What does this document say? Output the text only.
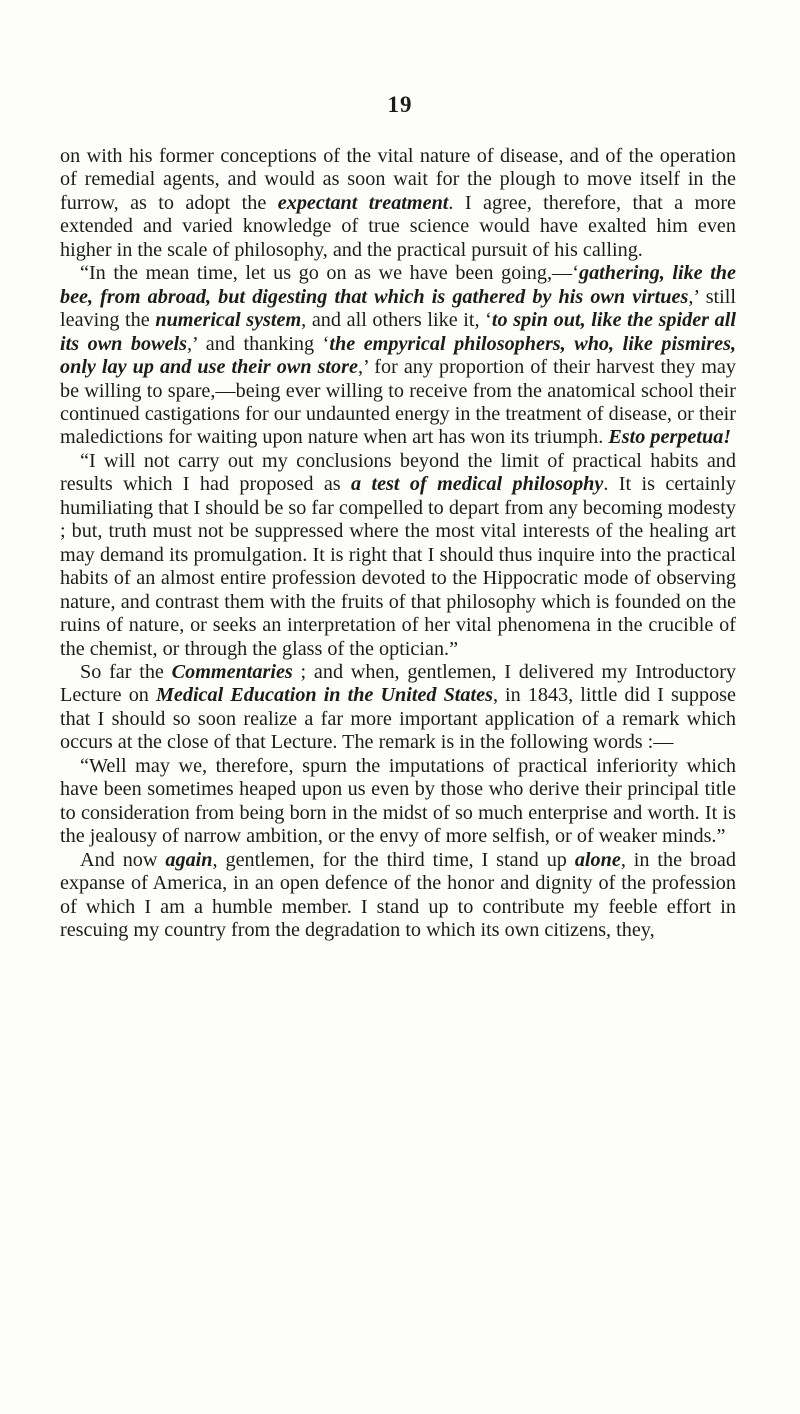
19

on with his former conceptions of the vital nature of disease, and of the operation of remedial agents, and would as soon wait for the plough to move itself in the furrow, as to adopt the expectant treatment. I agree, therefore, that a more extended and varied knowledge of true science would have exalted him even higher in the scale of philosophy, and the practical pursuit of his calling.

“In the mean time, let us go on as we have been going,—‘gathering, like the bee, from abroad, but digesting that which is gathered by his own virtues,’ still leaving the numerical system, and all others like it, ‘to spin out, like the spider all its own bowels,’ and thanking ‘the empyrical philosophers, who, like pismires, only lay up and use their own store,’ for any proportion of their harvest they may be willing to spare,—being ever willing to receive from the anatomical school their continued castigations for our undaunted energy in the treatment of disease, or their maledictions for waiting upon nature when art has won its triumph. Esto perpetua!

“I will not carry out my conclusions beyond the limit of practical habits and results which I had proposed as a test of medical philosophy. It is certainly humiliating that I should be so far compelled to depart from any becoming modesty ; but, truth must not be suppressed where the most vital interests of the healing art may demand its promulgation. It is right that I should thus inquire into the practical habits of an almost entire profession devoted to the Hippocratic mode of observing nature, and contrast them with the fruits of that philosophy which is founded on the ruins of nature, or seeks an interpretation of her vital phenomena in the crucible of the chemist, or through the glass of the optician.”

So far the Commentaries ; and when, gentlemen, I delivered my Introductory Lecture on Medical Education in the United States, in 1843, little did I suppose that I should so soon realize a far more important application of a remark which occurs at the close of that Lecture. The remark is in the following words :—

“Well may we, therefore, spurn the imputations of practical inferiority which have been sometimes heaped upon us even by those who derive their principal title to consideration from being born in the midst of so much enterprise and worth. It is the jealousy of narrow ambition, or the envy of more selfish, or of weaker minds.”

And now again, gentlemen, for the third time, I stand up alone, in the broad expanse of America, in an open defence of the honor and dignity of the profession of which I am a humble member. I stand up to contribute my feeble effort in rescuing my country from the degradation to which its own citizens, they,
